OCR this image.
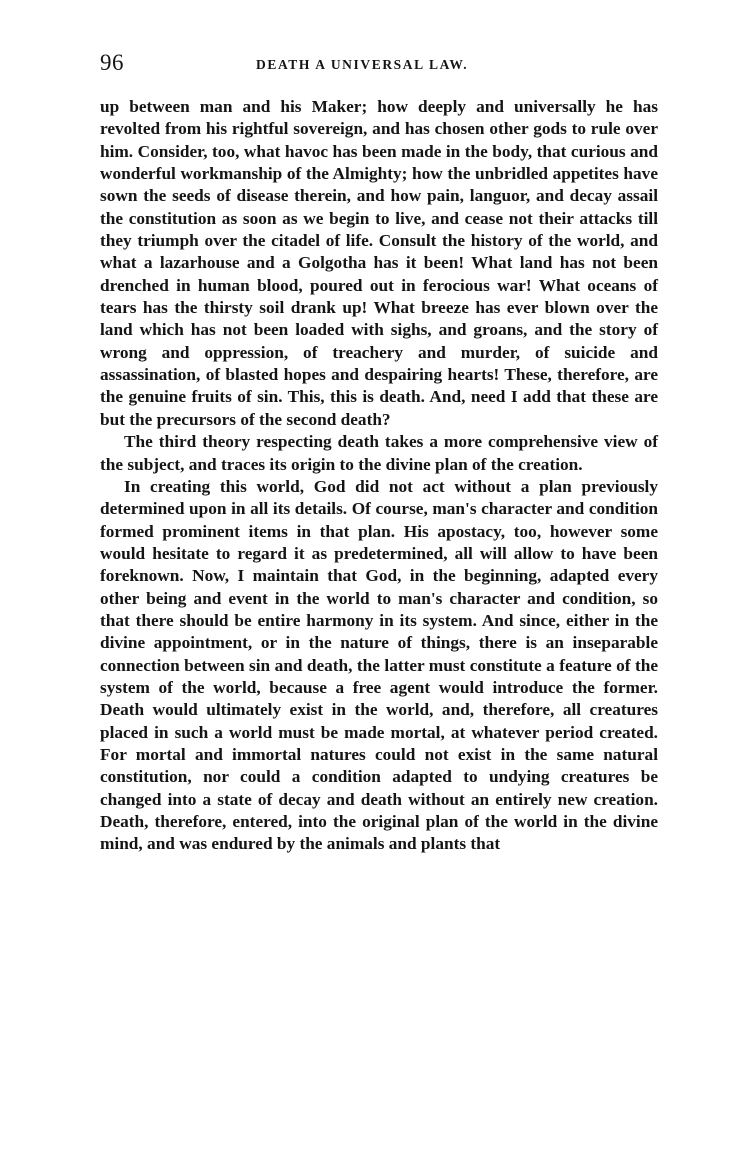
96	DEATH A UNIVERSAL LAW.

up between man and his Maker; how deeply and universally he has revolted from his rightful sovereign, and has chosen other gods to rule over him. Consider, too, what havoc has been made in the body, that curious and wonderful workmanship of the Almighty; how the unbridled appetites have sown the seeds of disease therein, and how pain, languor, and decay assail the constitution as soon as we begin to live, and cease not their attacks till they triumph over the citadel of life. Consult the history of the world, and what a lazarhouse and a Golgotha has it been! What land has not been drenched in human blood, poured out in ferocious war! What oceans of tears has the thirsty soil drank up! What breeze has ever blown over the land which has not been loaded with sighs, and groans, and the story of wrong and oppression, of treachery and murder, of suicide and assassination, of blasted hopes and despairing hearts! These, therefore, are the genuine fruits of sin. This, this is death. And, need I add that these are but the precursors of the second death?

The third theory respecting death takes a more comprehensive view of the subject, and traces its origin to the divine plan of the creation.

In creating this world, God did not act without a plan previously determined upon in all its details. Of course, man's character and condition formed prominent items in that plan. His apostacy, too, however some would hesitate to regard it as predetermined, all will allow to have been foreknown. Now, I maintain that God, in the beginning, adapted every other being and event in the world to man's character and condition, so that there should be entire harmony in its system. And since, either in the divine appointment, or in the nature of things, there is an inseparable connection between sin and death, the latter must constitute a feature of the system of the world, because a free agent would introduce the former. Death would ultimately exist in the world, and, therefore, all creatures placed in such a world must be made mortal, at whatever period created. For mortal and immortal natures could not exist in the same natural constitution, nor could a condition adapted to undying creatures be changed into a state of decay and death without an entirely new creation. Death, therefore, entered, into the original plan of the world in the divine mind, and was endured by the animals and plants that
